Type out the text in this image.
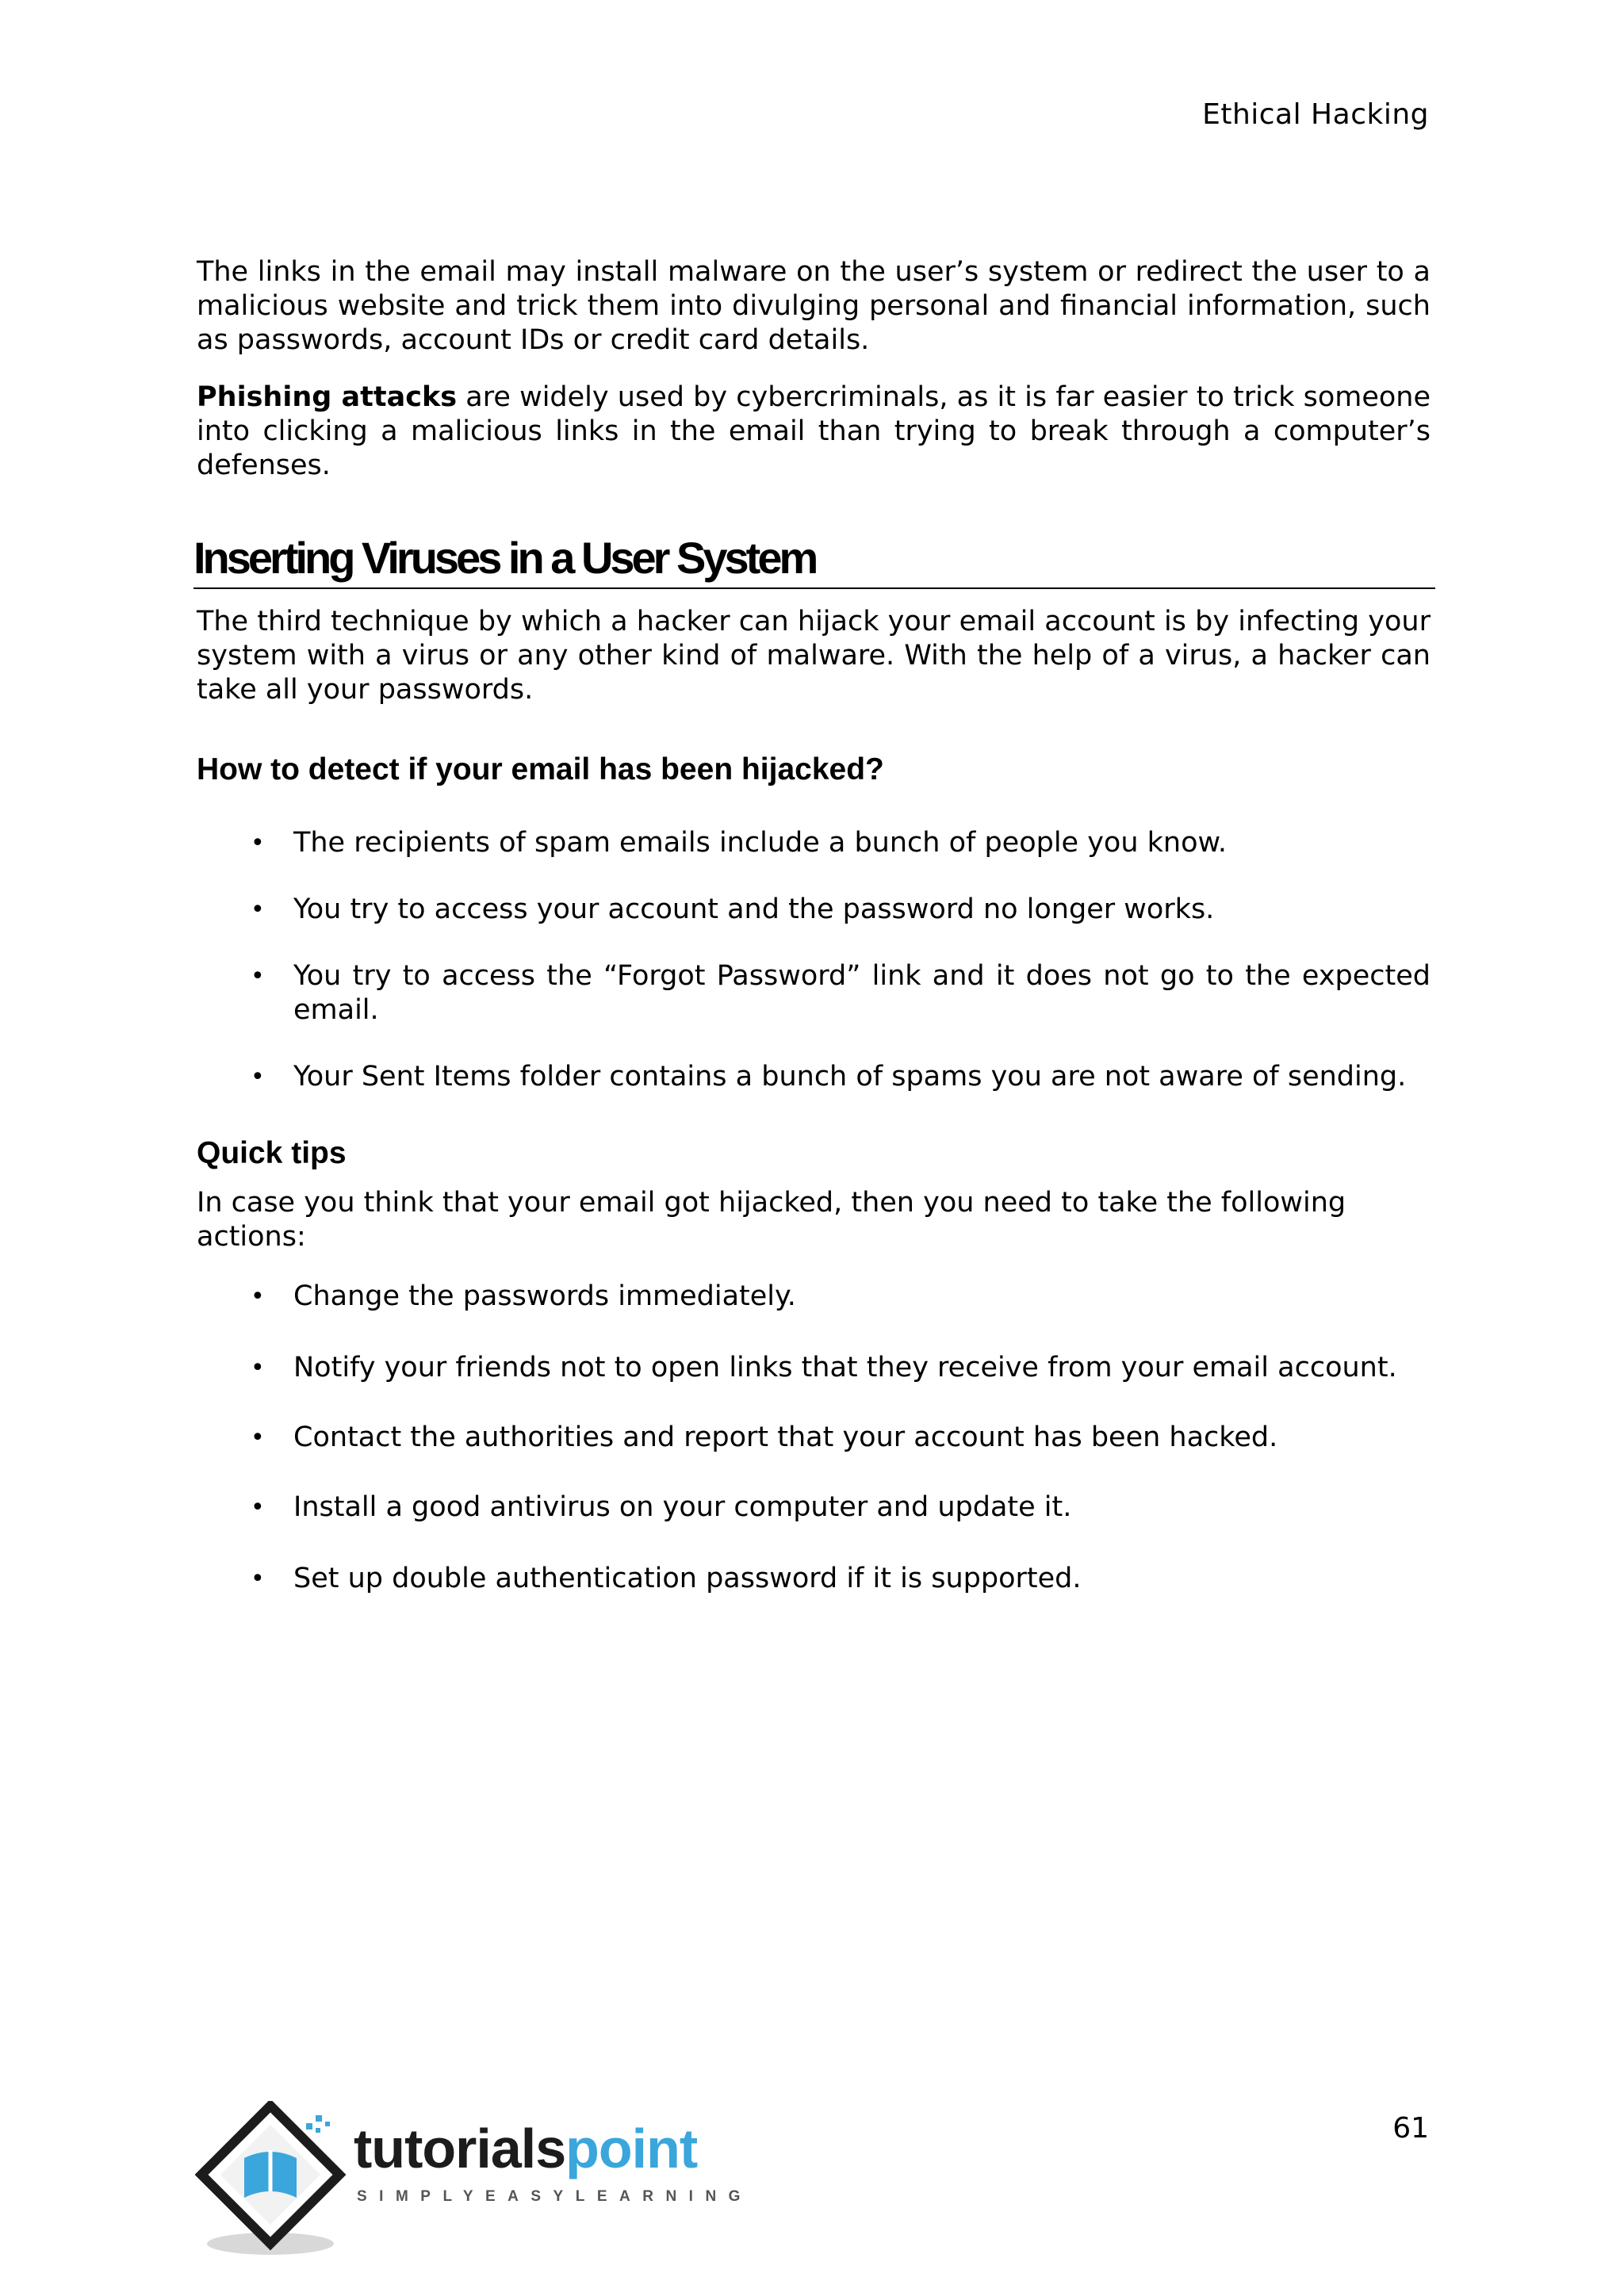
Ethical Hacking

The links in the email may install malware on the user’s system or redirect the user to a malicious website and trick them into divulging personal and financial information, such as passwords, account IDs or credit card details.

Phishing attacks are widely used by cybercriminals, as it is far easier to trick someone into clicking a malicious links in the email than trying to break through a computer’s defenses.

Inserting Viruses in a User System

The third technique by which a hacker can hijack your email account is by infecting your system with a virus or any other kind of malware. With the help of a virus, a hacker can take all your passwords.

How to detect if your email has been hijacked?
• The recipients of spam emails include a bunch of people you know.
• You try to access your account and the password no longer works.
• You try to access the “Forgot Password” link and it does not go to the expected email.
• Your Sent Items folder contains a bunch of spams you are not aware of sending.
Quick tips

In case you think that your email got hijacked, then you need to take the following actions:

• Change the passwords immediately.
• Notify your friends not to open links that they receive from your email account.
• Contact the authorities and report that your account has been hacked.
• Install a good antivirus on your computer and update it.
• Set up double authentication password if it is supported.
61
tutorialspoint
SIMPLYEASYLEARNING
